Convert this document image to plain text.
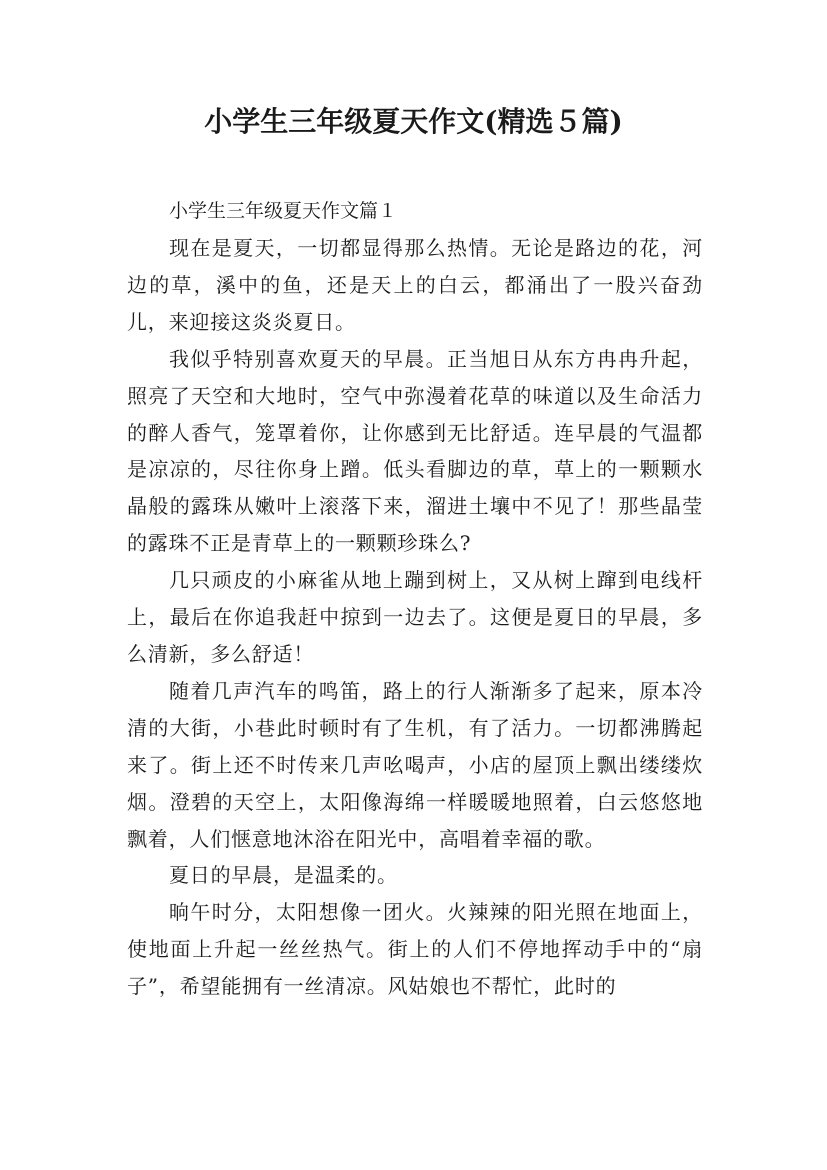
小学生三年级夏天作文(精选５篇)
小学生三年级夏天作文篇１

现在是夏天，一切都显得那么热情。无论是路边的花，河边的草，溪中的鱼，还是天上的白云，都涌出了一股兴奋劲儿，来迎接这炎炎夏日。

我似乎特别喜欢夏天的早晨。正当旭日从东方冉冉升起，照亮了天空和大地时，空气中弥漫着花草的味道以及生命活力的醉人香气，笼罩着你，让你感到无比舒适。连早晨的气温都是凉凉的，尽往你身上蹭。低头看脚边的草，草上的一颗颗水晶般的露珠从嫩叶上滚落下来，溜进土壤中不见了！那些晶莹的露珠不正是青草上的一颗颗珍珠么?

几只顽皮的小麻雀从地上蹦到树上，又从树上蹿到电线杆上，最后在你追我赶中掠到一边去了。这便是夏日的早晨，多么清新，多么舒适！

随着几声汽车的鸣笛，路上的行人渐渐多了起来，原本冷清的大街，小巷此时顿时有了生机，有了活力。一切都沸腾起来了。街上还不时传来几声吆喝声，小店的屋顶上飘出缕缕炊烟。澄碧的天空上，太阳像海绵一样暖暖地照着，白云悠悠地飘着，人们惬意地沐浴在阳光中，高唱着幸福的歌。

夏日的早晨，是温柔的。

晌午时分，太阳想像一团火。火辣辣的阳光照在地面上，使地面上升起一丝丝热气。街上的人们不停地挥动手中的“扇子”，希望能拥有一丝清凉。风姑娘也不帮忙，此时的
